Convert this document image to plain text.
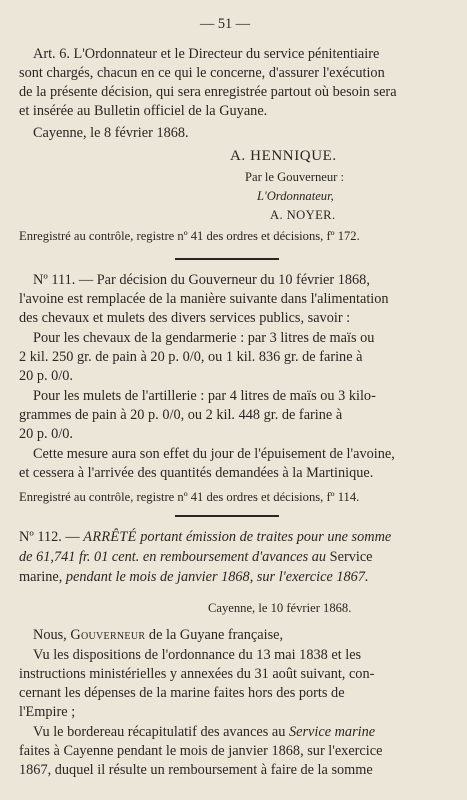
— 51 —
Art. 6. L'Ordonnateur et le Directeur du service pénitentiaire
sont chargés, chacun en ce qui le concerne, d'assurer l'exécution
de la présente décision, qui sera enregistrée partout où besoin sera
et insérée au Bulletin officiel de la Guyane.
Cayenne, le 8 février 1868.
A. HENNIQUE.
Par le Gouverneur :
L'Ordonnateur,
A. NOYER.
Enregistré au contrôle, registre nº 41 des ordres et décisions, fº 172.
Nº 111. — Par décision du Gouverneur du 10 février 1868,
l'avoine est remplacée de la manière suivante dans l'alimentation
des chevaux et mulets des divers services publics, savoir :
Pour les chevaux de la gendarmerie : par 3 litres de maïs ou
2 kil. 250 gr. de pain à 20 p. 0/0, ou 1 kil. 836 gr. de farine à
20 p. 0/0.
Pour les mulets de l'artillerie : par 4 litres de maïs ou 3 kilo-
grammes de pain à 20 p. 0/0, ou 2 kil. 448 gr. de farine à
20 p. 0/0.
Cette mesure aura son effet du jour de l'épuisement de l'avoine,
et cessera à l'arrivée des quantités demandées à la Martinique.
Enregistré au contrôle, registre nº 41 des ordres et décisions, fº 114.
Nº 112. — ARRÊTÉ portant émission de traites pour une somme
de 61,741 fr. 01 cent. en remboursement d'avances au Service
marine, pendant le mois de janvier 1868, sur l'exercice 1867.
Cayenne, le 10 février 1868.
Nous, Gouverneur de la Guyane française,
Vu les dispositions de l'ordonnance du 13 mai 1838 et les
instructions ministérielles y annexées du 31 août suivant, con-
cernant les dépenses de la marine faites hors des ports de
l'Empire ;
Vu le bordereau récapitulatif des avances au Service marine
faites à Cayenne pendant le mois de janvier 1868, sur l'exercice
1867, duquel il résulte un remboursement à faire de la somme
